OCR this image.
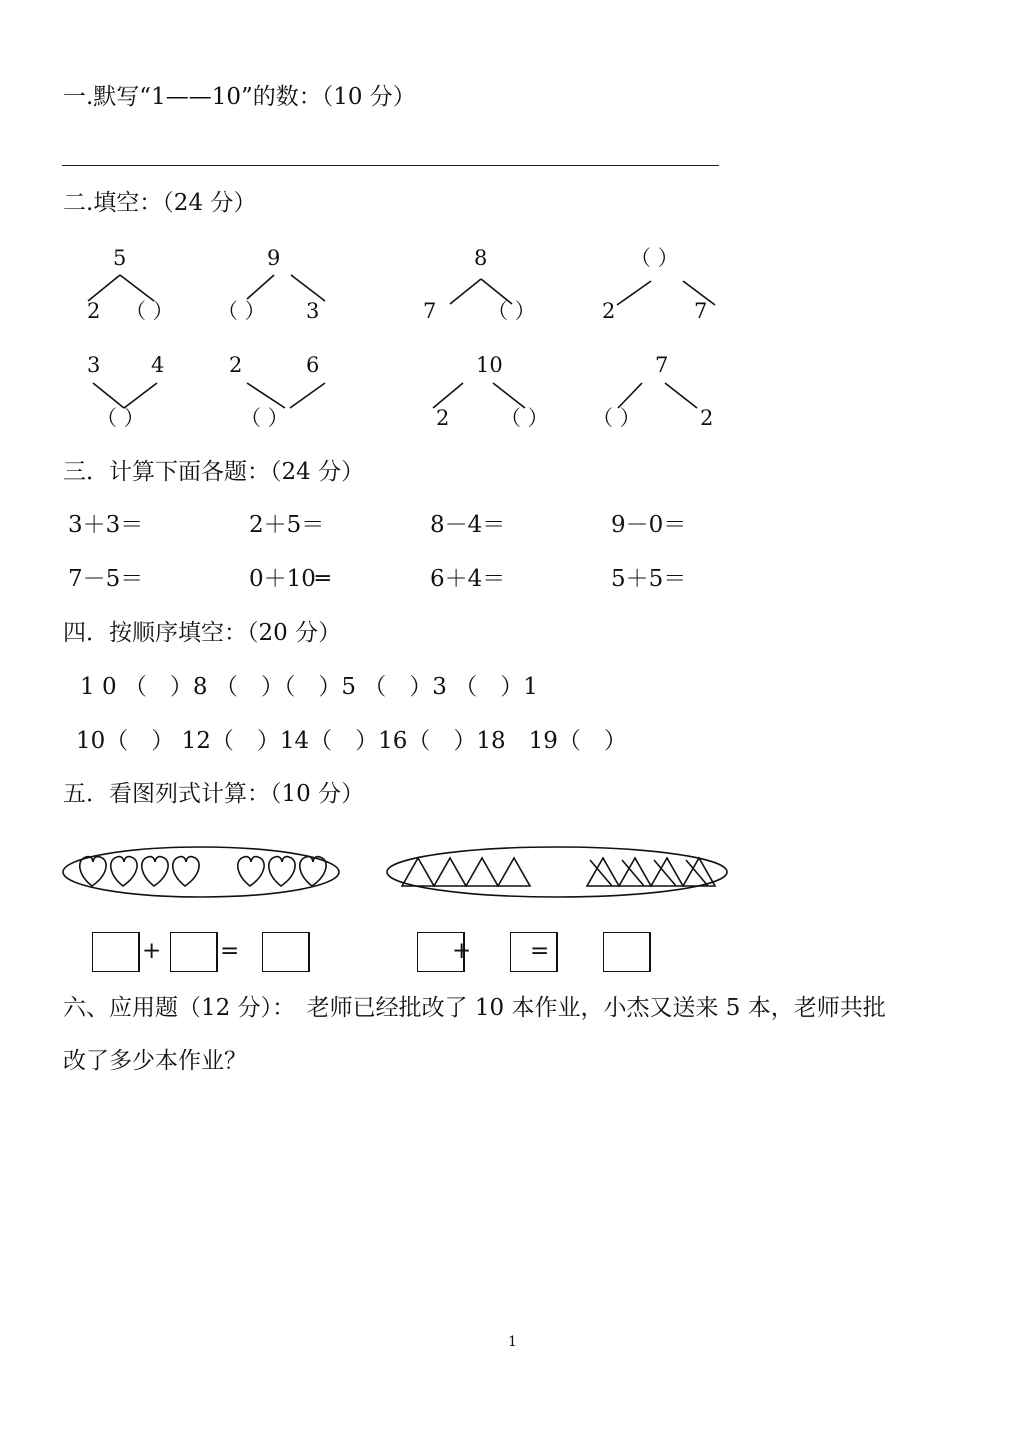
一.默写“1——10”的数：（10 分）
二.填空：（24 分）
5
2 （ ）
9
（ ） 3
8
7 （ ）
（ ）
2	7
3 4
（ ）
2	6
（ ）
10
2 （ ）
7
（ ）	2
三．计算下面各题：（24 分）
3＋3＝	2＋5＝	8－4＝	9－0＝
7－5＝	0＋10═	6＋4＝	5＋5＝
四．按顺序填空：（20 分）
1 0 （　）8 （　）（　）5 （　）3 （　）1
10（　） 12（　）14（　）16（　）18　19（　）
五．看图列式计算：（10 分）
+	=	+	=
六、应用题（12 分）：　老师已经批改了 10 本作业，小杰又送来 5 本，老师共批
改了多少本作业？
1
